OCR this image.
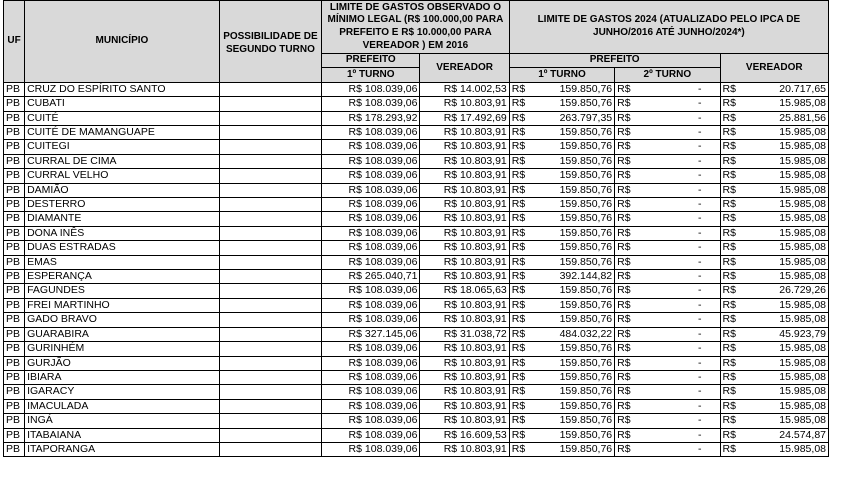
UF	MUNICÍPIO	POSSIBILIDADE DE SEGUNDO TURNO	LIMITE DE GASTOS OBSERVADO O MÍNIMO LEGAL (R$ 100.000,00 PARA PREFEITO E R$ 10.000,00 PARA VEREADOR ) EM 2016		LIMITE DE GASTOS 2024 (ATUALIZADO PELO IPCA DE JUNHO/2016 ATÉ JUNHO/2024*)					
			PREFEITO	VEREADOR	PREFEITO				VEREADOR	
			1º TURNO		1º TURNO		2º TURNO			
PB	CRUZ DO ESPÍRITO SANTO		R$ 108.039,06	R$ 14.002,53	R$	159.850,76	R$	-	R$	20.717,65
PB	CUBATI		R$ 108.039,06	R$ 10.803,91	R$	159.850,76	R$	-	R$	15.985,08
PB	CUITÉ		R$ 178.293,92	R$ 17.492,69	R$	263.797,35	R$	-	R$	25.881,56
PB	CUITÉ DE MAMANGUAPE		R$ 108.039,06	R$ 10.803,91	R$	159.850,76	R$	-	R$	15.985,08
PB	CUITEGI		R$ 108.039,06	R$ 10.803,91	R$	159.850,76	R$	-	R$	15.985,08
PB	CURRAL DE CIMA		R$ 108.039,06	R$ 10.803,91	R$	159.850,76	R$	-	R$	15.985,08
PB	CURRAL VELHO		R$ 108.039,06	R$ 10.803,91	R$	159.850,76	R$	-	R$	15.985,08
PB	DAMIÃO		R$ 108.039,06	R$ 10.803,91	R$	159.850,76	R$	-	R$	15.985,08
PB	DESTERRO		R$ 108.039,06	R$ 10.803,91	R$	159.850,76	R$	-	R$	15.985,08
PB	DIAMANTE		R$ 108.039,06	R$ 10.803,91	R$	159.850,76	R$	-	R$	15.985,08
PB	DONA INÊS		R$ 108.039,06	R$ 10.803,91	R$	159.850,76	R$	-	R$	15.985,08
PB	DUAS ESTRADAS		R$ 108.039,06	R$ 10.803,91	R$	159.850,76	R$	-	R$	15.985,08
PB	EMAS		R$ 108.039,06	R$ 10.803,91	R$	159.850,76	R$	-	R$	15.985,08
PB	ESPERANÇA		R$ 265.040,71	R$ 10.803,91	R$	392.144,82	R$	-	R$	15.985,08
PB	FAGUNDES		R$ 108.039,06	R$ 18.065,63	R$	159.850,76	R$	-	R$	26.729,26
PB	FREI MARTINHO		R$ 108.039,06	R$ 10.803,91	R$	159.850,76	R$	-	R$	15.985,08
PB	GADO BRAVO		R$ 108.039,06	R$ 10.803,91	R$	159.850,76	R$	-	R$	15.985,08
PB	GUARABIRA		R$ 327.145,06	R$ 31.038,72	R$	484.032,22	R$	-	R$	45.923,79
PB	GURINHÉM		R$ 108.039,06	R$ 10.803,91	R$	159.850,76	R$	-	R$	15.985,08
PB	GURJÃO		R$ 108.039,06	R$ 10.803,91	R$	159.850,76	R$	-	R$	15.985,08
PB	IBIARA		R$ 108.039,06	R$ 10.803,91	R$	159.850,76	R$	-	R$	15.985,08
PB	IGARACY		R$ 108.039,06	R$ 10.803,91	R$	159.850,76	R$	-	R$	15.985,08
PB	IMACULADA		R$ 108.039,06	R$ 10.803,91	R$	159.850,76	R$	-	R$	15.985,08
PB	INGÁ		R$ 108.039,06	R$ 10.803,91	R$	159.850,76	R$	-	R$	15.985,08
PB	ITABAIANA		R$ 108.039,06	R$ 16.609,53	R$	159.850,76	R$	-	R$	24.574,87
PB	ITAPORANGA		R$ 108.039,06	R$ 10.803,91	R$	159.850,76	R$	-	R$	15.985,08
